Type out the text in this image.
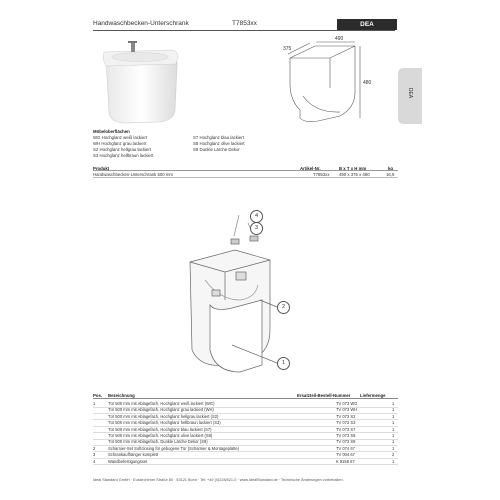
Handwaschbecken-Unterschrank	T7853xx	DEA
DEA
490
375
480
Möbeloberflächen
WG Hochglanz weiß lackiert
WH Hochglanz grau lackiert
S2 Hochglanz hellgrau lackiert
S3 Hochglanz hellbraun lackiert
S7 Hochglanz blau lackiert
S8 Hochglanz olive lackiert
S9 Dunkle Lärche Dekor
Produkt	Artikel-Nr.	B x T x H mm	kg
Handwaschbecken-Unterschrank 500 mm	T7853xx 490 x 375 x 480	16,9
4
3
2
1
Pos. Bezeichnung	Ersatzteil-Bestell-Nummer Liefermenge
1	Tür 500 mm mit Ablagefach, Hochglanz weiß lackiert (WG)	TV 073 WG	1
Tür 500 mm mit Ablagefach, Hochglanz grau lackiert (WH)	TV 073 WH	1
Tür 500 mm mit Ablagefach, Hochglanz hellgrau lackiert (S2)	TV 073 S2	1
Tür 500 mm mit Ablagefach, Hochglanz hellbraun lackiert (S3)	TV 073 S3	1
Tür 500 mm mit Ablagefach, Hochglanz blau lackiert (S7)	TV 073 S7	1
Tür 500 mm mit Ablagefach, Hochglanz olive lackiert (S8)	TV 073 S8	1
Tür 500 mm mit Ablagefach, Dunkle Lärche Dekor (S9)	TV 073 S9	1
2	Scharnier-Set Softclosing für gebogene Tür (Scharnier & Montageplatte)	TV 074 67	1
3	Schrankaufhänger komplett	TV 004 67	2
4	Wandbefestigungsset	K 9158 67	1
Ideal Standard GmbH · Euskirchener Straße 80 · 53121 Bonn · Tel: +49 (0)228/521-0 · www.IdealStandard.de · Technische Änderungen vorbehalten.
